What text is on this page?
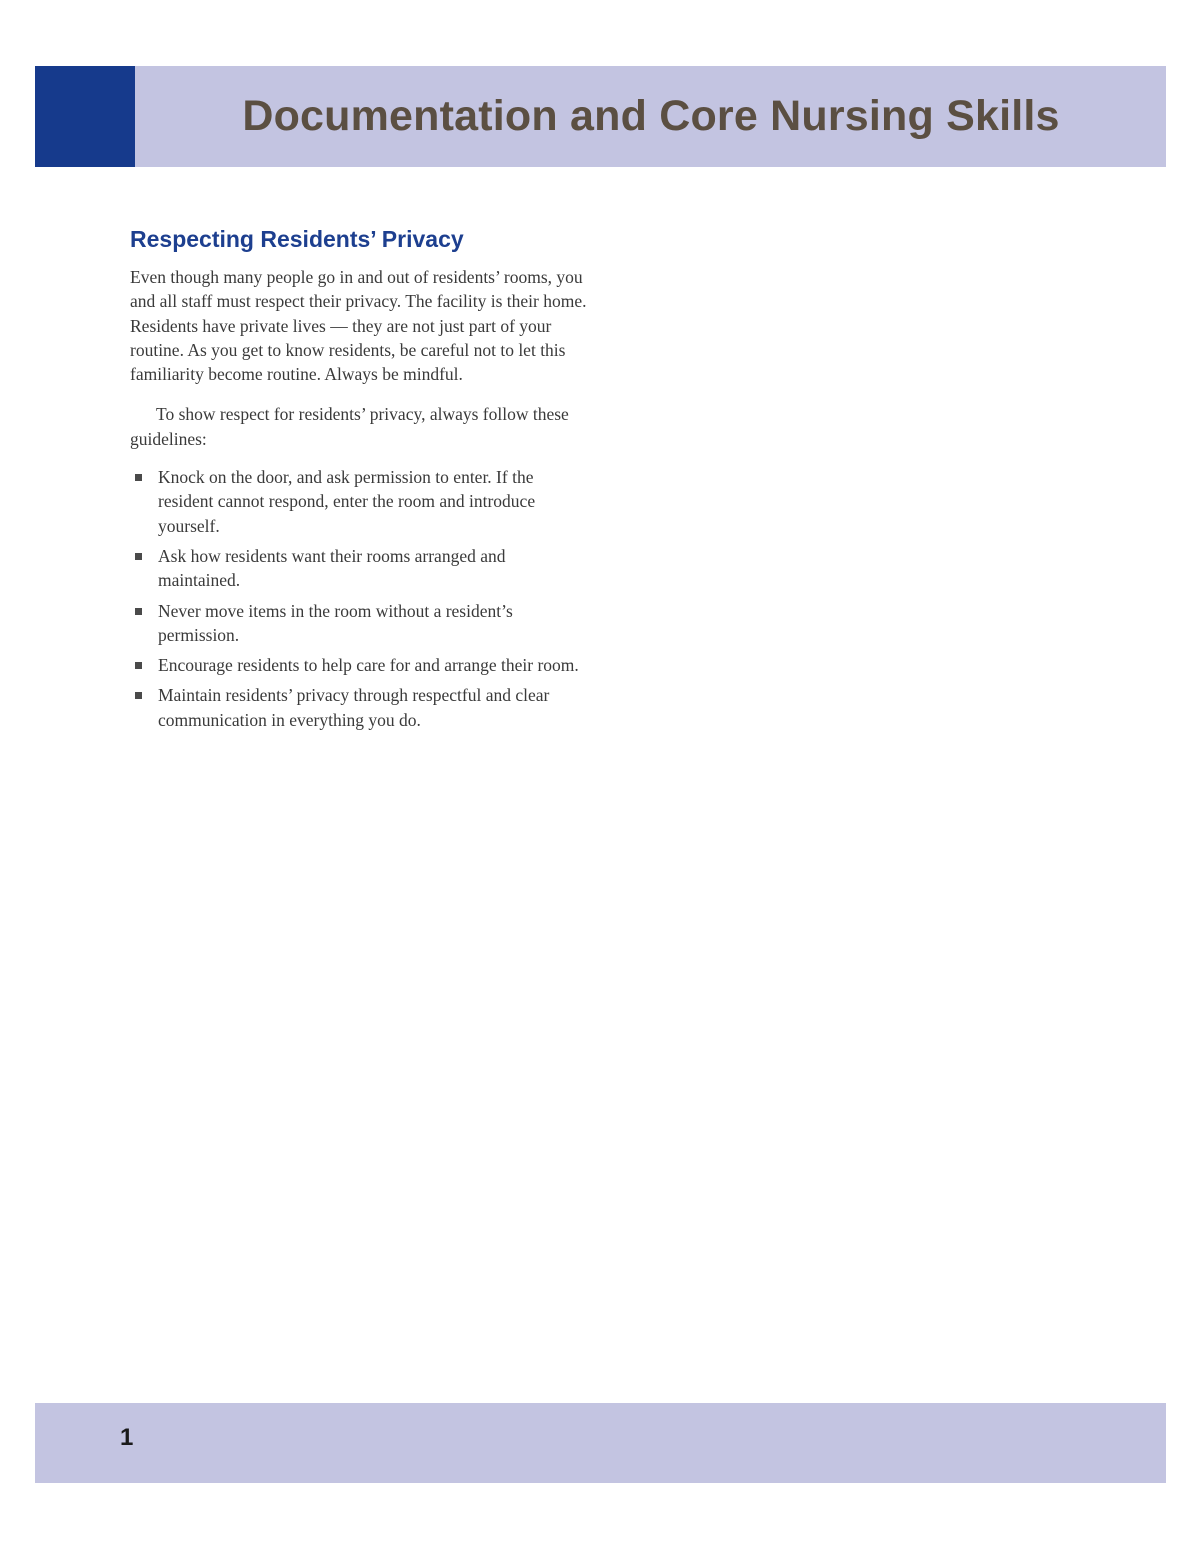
Documentation and Core Nursing Skills
Respecting Residents’ Privacy

Even though many people go in and out of residents’ rooms, you and all staff must respect their privacy. The facility is their home. Residents have private lives — they are not just part of your routine. As you get to know residents, be careful not to let this familiarity become routine. Always be mindful.

To show respect for residents’ privacy, always follow these guidelines:

Knock on the door, and ask permission to enter. If the resident cannot respond, enter the room and introduce yourself.
Ask how residents want their rooms arranged and maintained.
Never move items in the room without a resident’s permission.
Encourage residents to help care for and arrange their room.
Maintain residents’ privacy through respectful and clear communication in everything you do.
1
